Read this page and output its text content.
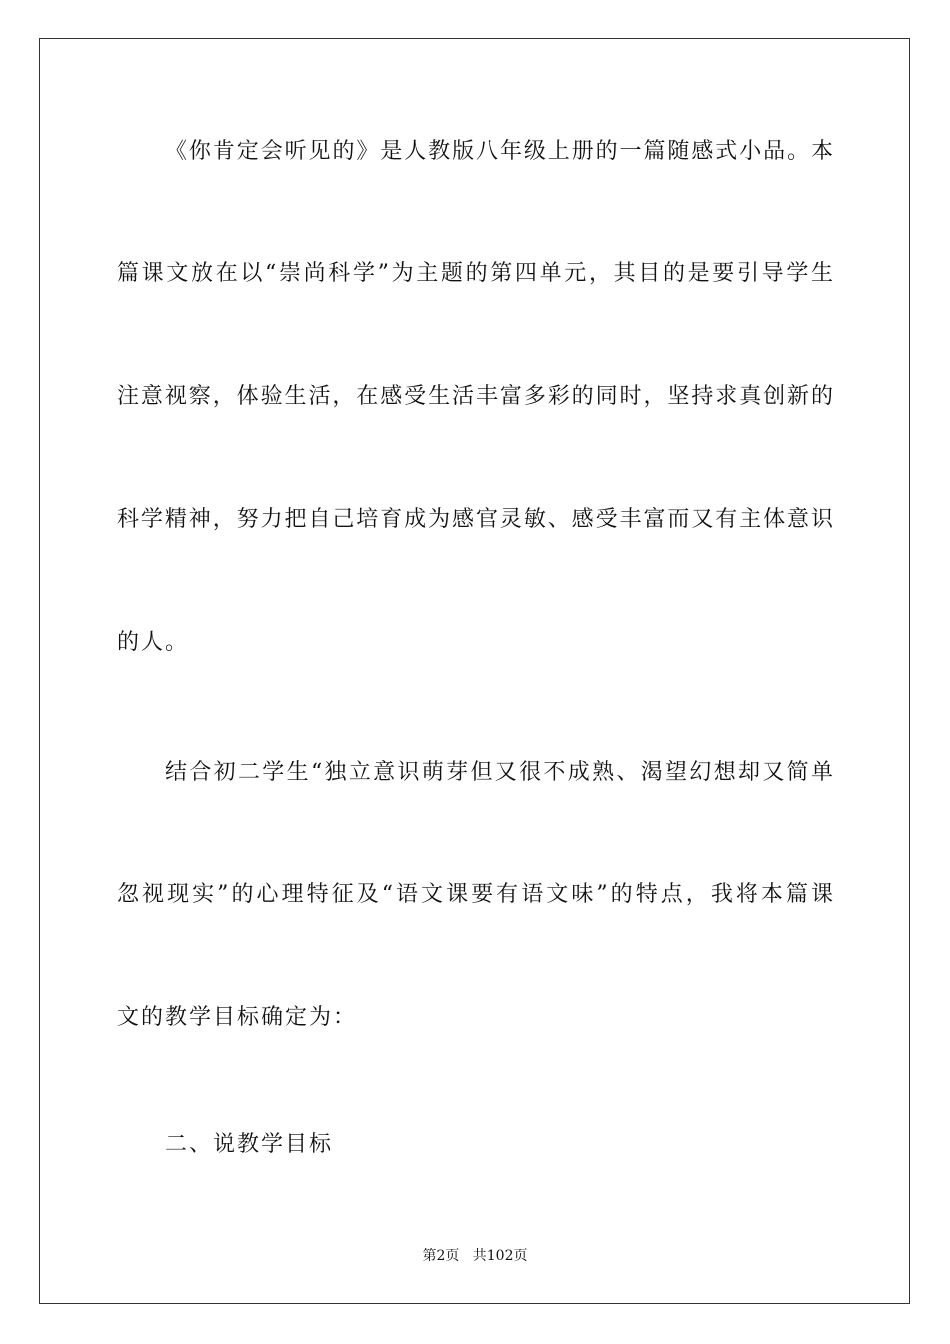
《你肯定会听见的》是人教版八年级上册的一篇随感式小品。本
篇课文放在以“崇尚科学”为主题的第四单元，其目的是要引导学生
注意视察，体验生活，在感受生活丰富多彩的同时，坚持求真创新的
科学精神，努力把自己培育成为感官灵敏、感受丰富而又有主体意识
的人。
结合初二学生“独立意识萌芽但又很不成熟、渴望幻想却又简单
忽视现实”的心理特征及“语文课要有语文味”的特点，我将本篇课
文的教学目标确定为：
二、说教学目标
第2页   共102页
